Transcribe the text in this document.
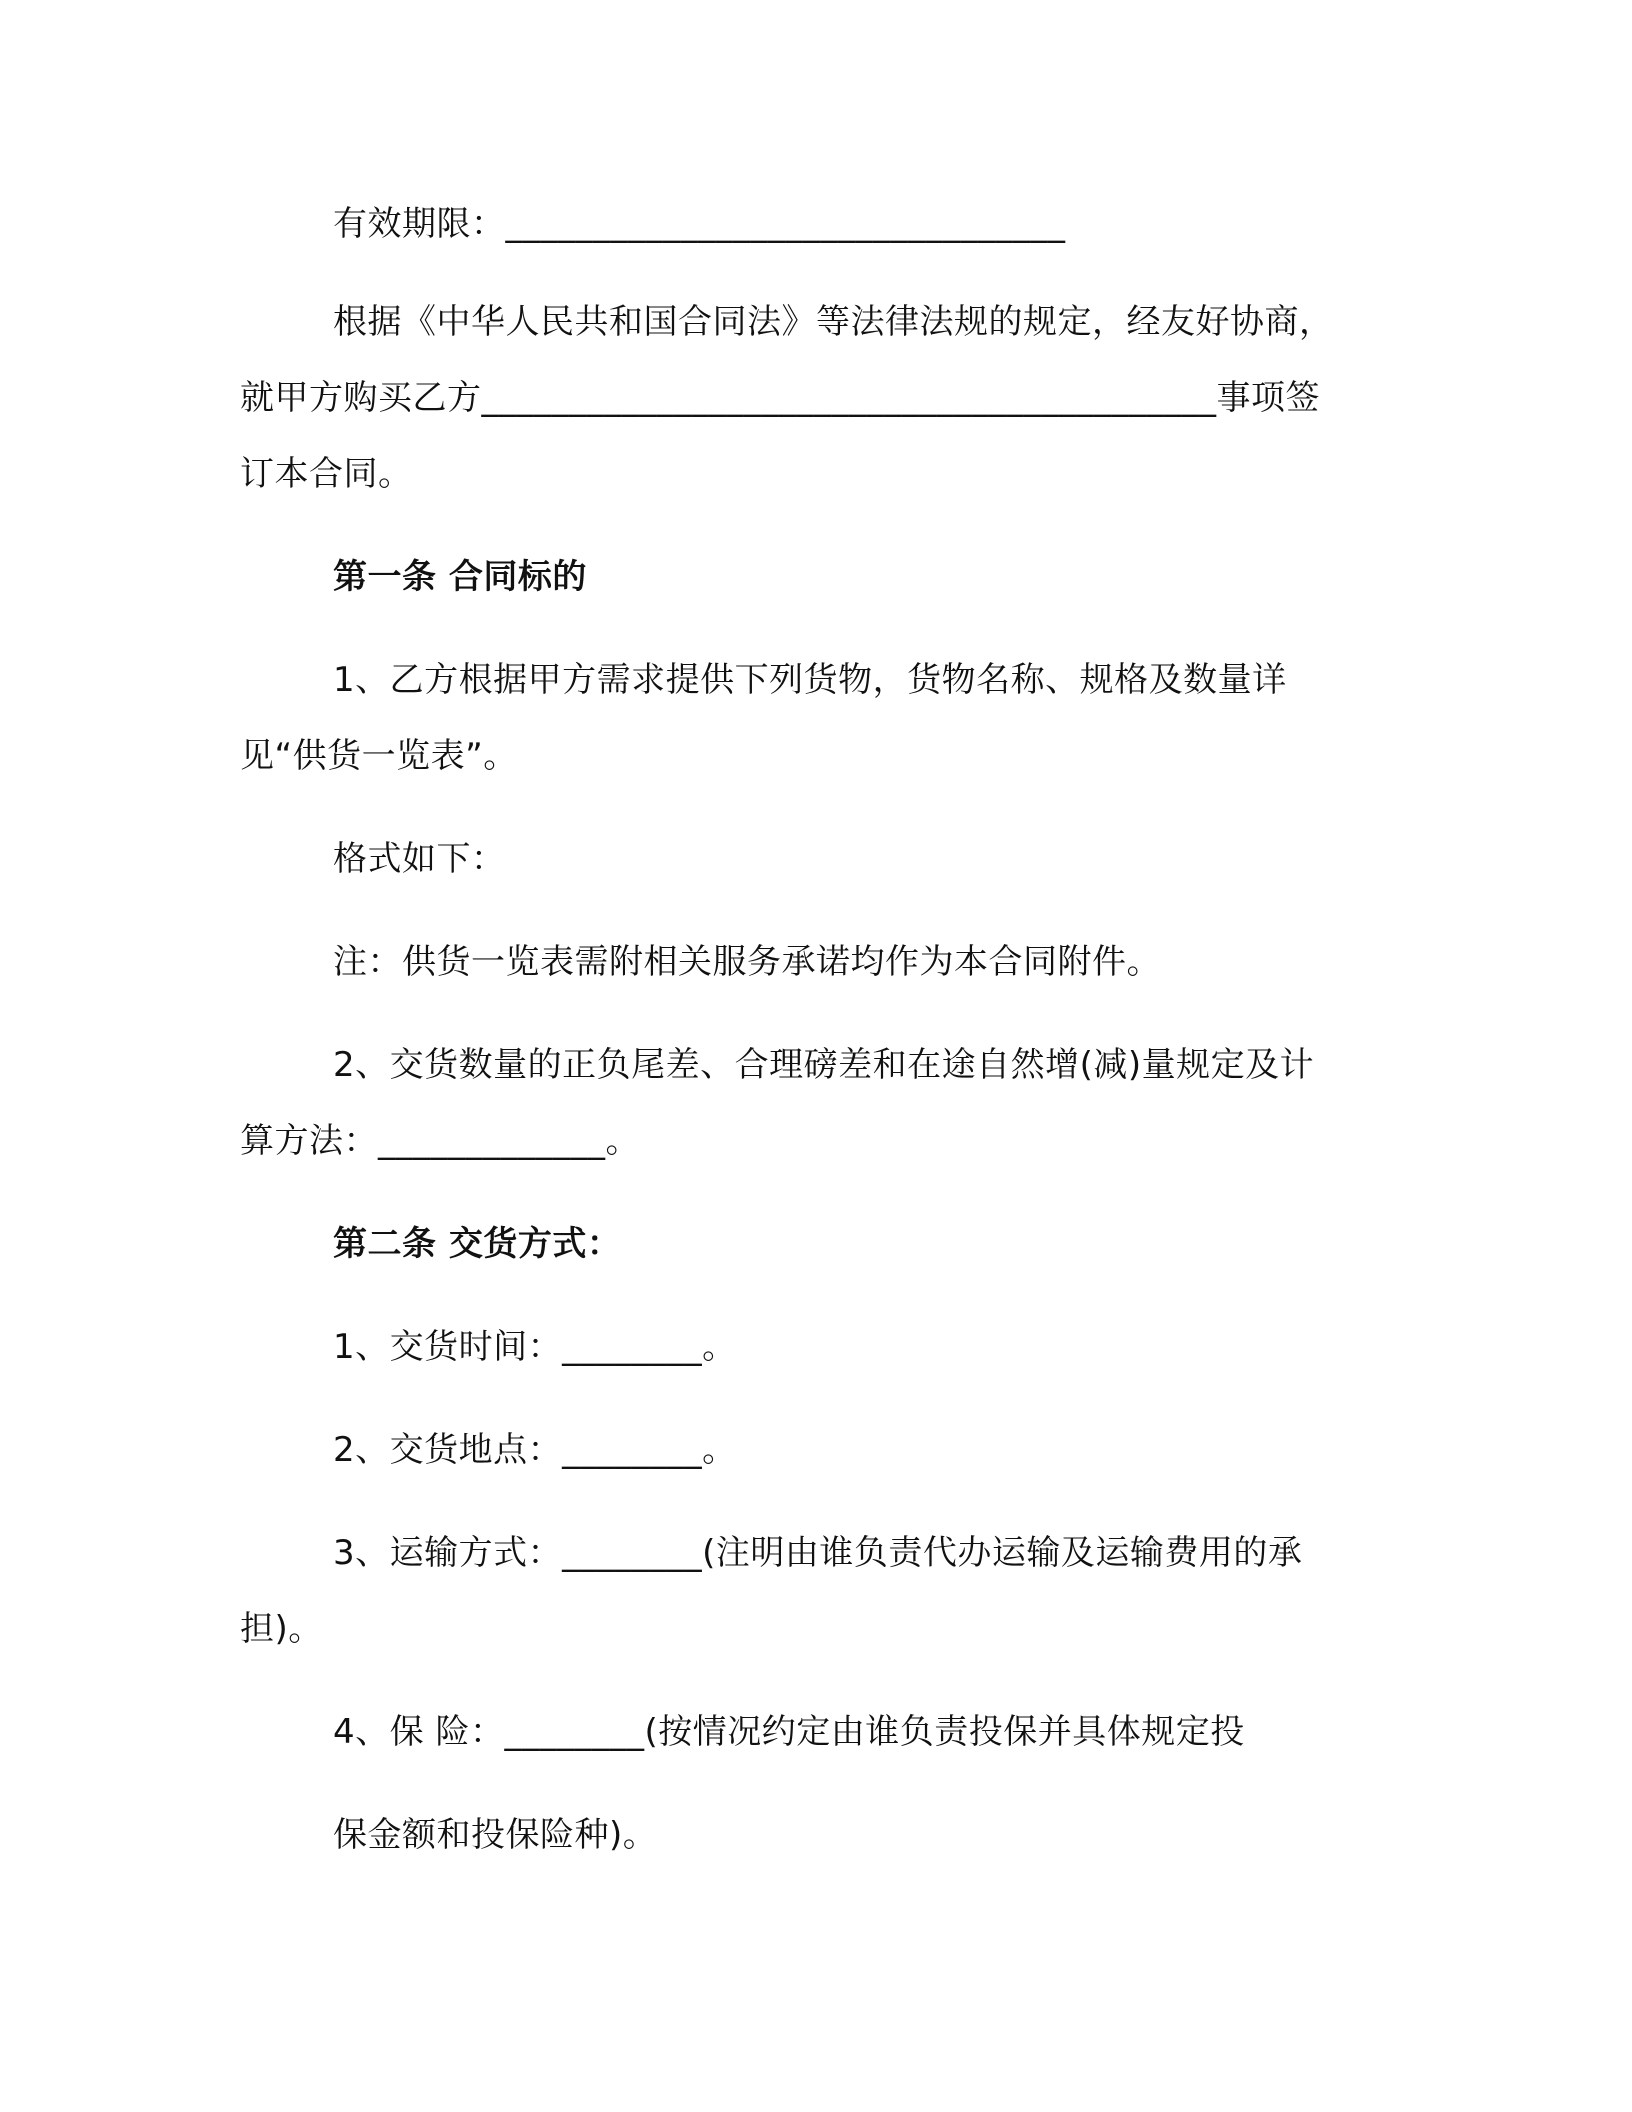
有效期限：________________________________
根据《中华人民共和国合同法》等法律法规的规定，经友好协商，
就甲方购买乙方__________________________________________事项签
订本合同。
第一条 合同标的
1、乙方根据甲方需求提供下列货物，货物名称、规格及数量详
见“供货一览表”。
格式如下：
注：供货一览表需附相关服务承诺均作为本合同附件。
2、交货数量的正负尾差、合理磅差和在途自然增(减)量规定及计
算方法：_____________。
第二条 交货方式：
1、交货时间：________。
2、交货地点：________。
3、运输方式：________(注明由谁负责代办运输及运输费用的承
担)。
4、保 险：________(按情况约定由谁负责投保并具体规定投
保金额和投保险种)。
